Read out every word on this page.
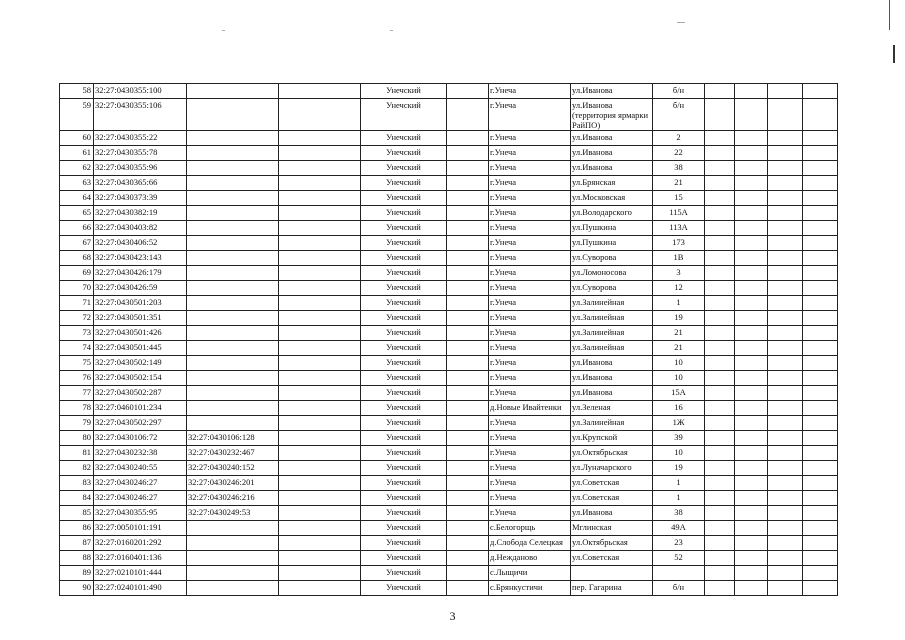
58	32:27:0430355:100			Унечский		г.Унеча	ул.Иванова	б/н				
59	32:27:0430355:106			Унечский		г.Унеча	ул.Иванова (территория ярмарки РайПО)	б/н				
60	32:27:0430355:22			Унечский		г.Унеча	ул.Иванова	2				
61	32:27:0430355:78			Унечский		г.Унеча	ул.Иванова	22				
62	32:27:0430355:96			Унечский		г.Унеча	ул.Иванова	38				
63	32:27:0430365:66			Унечский		г.Унеча	ул.Брянская	21				
64	32:27:0430373:39			Унечский		г.Унеча	ул.Московская	15				
65	32:27:0430382:19			Унечский		г.Унеча	ул.Володарского	115А				
66	32:27:0430403:82			Унечский		г.Унеча	ул.Пушкина	113А				
67	32:27:0430406:52			Унечский		г.Унеча	ул.Пушкина	173				
68	32:27:0430423:143			Унечский		г.Унеча	ул.Суворова	1В				
69	32:27:0430426:179			Унечский		г.Унеча	ул.Ломоносова	3				
70	32:27:0430426:59			Унечский		г.Унеча	ул.Суворова	12				
71	32:27:0430501:203			Унечский		г.Унеча	ул.Залинейная	1				
72	32:27:0430501:351			Унечский		г.Унеча	ул.Залинейная	19				
73	32:27:0430501:426			Унечский		г.Унеча	ул.Залинейная	21				
74	32:27:0430501:445			Унечский		г.Унеча	ул.Залинейная	21				
75	32:27:0430502:149			Унечский		г.Унеча	ул.Иванова	10				
76	32:27:0430502:154			Унечский		г.Унеча	ул.Иванова	10				
77	32:27:0430502:287			Унечский		г.Унеча	ул.Иванова	15А				
78	32:27:0460101:234			Унечский		д.Новые Ивайтенки	ул.Зеленая	16				
79	32:27:0430502:297			Унечский		г.Унеча	ул.Залинейная	1Ж				
80	32:27:0430106:72	32:27:0430106:128		Унечский		г.Унеча	ул.Крупской	39				
81	32:27:0430232:38	32:27:0430232:467		Унечский		г.Унеча	ул.Октябрьская	10				
82	32:27:0430240:55	32:27:0430240:152		Унечский		г.Унеча	ул.Луначарского	19				
83	32:27:0430246:27	32:27:0430246:201		Унечский		г.Унеча	ул.Советская	1				
84	32:27:0430246:27	32:27:0430246:216		Унечский		г.Унеча	ул.Советская	1				
85	32:27:0430355:95	32:27:0430249:53		Унечский		г.Унеча	ул.Иванова	38				
86	32:27:0050101:191			Унечский		с.Белогорщь	Мглинская	49А				
87	32:27:0160201:292			Унечский		д.Слобода Селецкая	ул.Октябрьская	23				
88	32:27:0160401:136			Унечский		д.Нежданово	ул.Советская	52				
89	32:27:0210101:444			Унечский		с.Лыщичи						
90	32:27:0240101:490			Унечский		с.Брянкустичи	пер. Гагарина	б/н				
3
